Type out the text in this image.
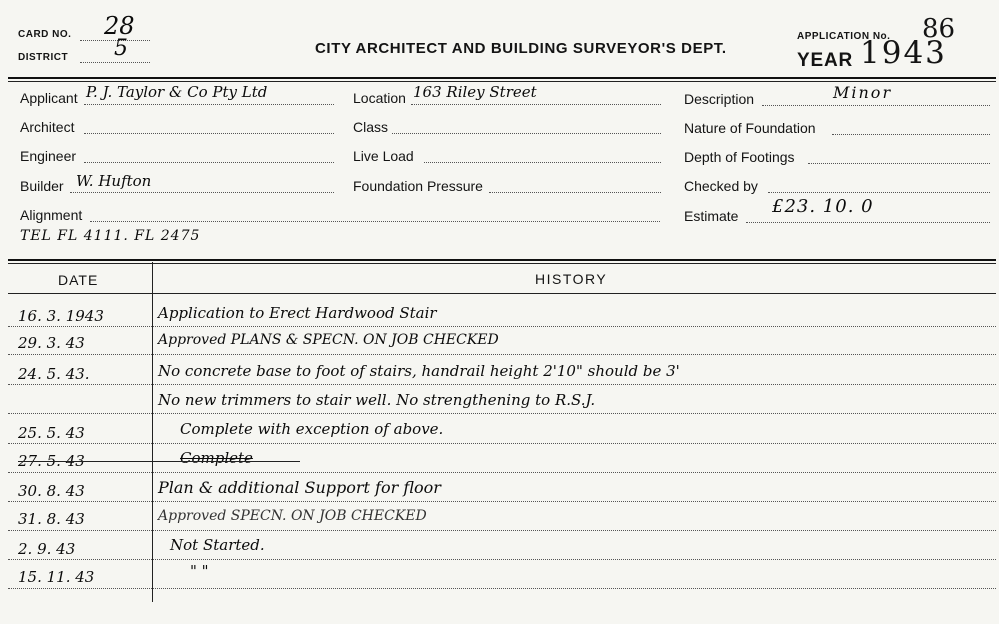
CARD NO. 28
DISTRICT 5	CITY ARCHITECT AND BUILDING SURVEYOR'S DEPT.
APPLICATION No. 86
YEAR 1943
Applicant P. J. Taylor & Co Pty Ltd
Architect
Engineer
Builder W. Hufton
Alignment
TEL FL 4111. FL 2475
Location 163 Riley Street
Class
Live Load
Foundation Pressure
Description	Minor
Nature of Foundation
Depth of Footings
Checked by
Estimate £23. 10. 0
DATE	HISTORY
16. 3. 1943	Application to Erect Hardwood Stair
29. 3. 43	Approved PLANS & SPECN. ON JOB CHECKED
24. 5. 43.	No concrete base to foot of stairs, handrail height 2'10" should be 3'
No new trimmers to stair well. No strengthening to R.S.J.
25. 5. 43	Complete with exception of above.
27. 5. 43	Complete
30. 8. 43	Plan & additional Support for floor
31. 8. 43	Approved SPECN. ON JOB CHECKED
2. 9. 43	Not Started.
15. 11. 43	" "
